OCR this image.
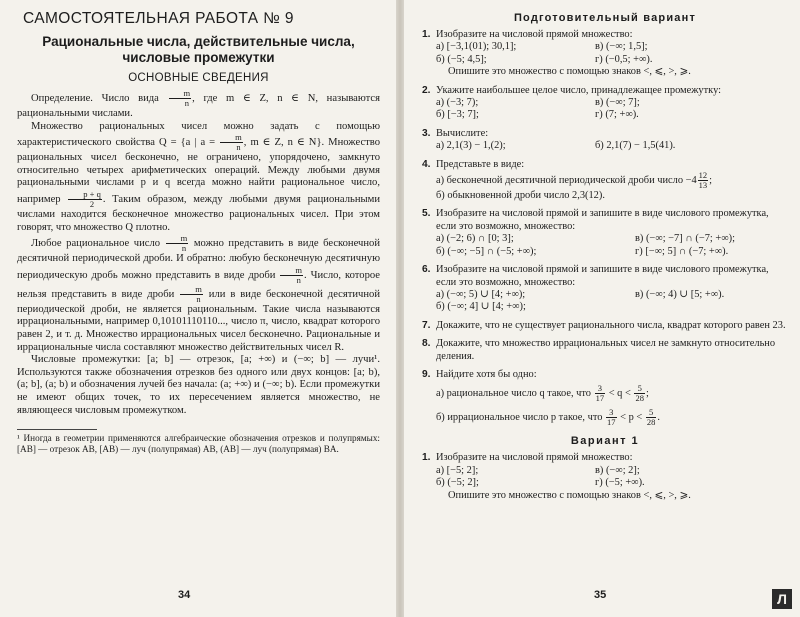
САМОСТОЯТЕЛЬНАЯ РАБОТА № 9
Рациональные числа, действительные числа, числовые промежутки
ОСНОВНЫЕ СВЕДЕНИЯ

Определение. Число вида $\frac{m}{n}$ , где m ∈ Z, n ∈ N, называются рациональными числами.

Множество рациональных чисел можно задать с помощью характеристического свойства Q = {a | $a = \frac{m}{n}$ , m ∈ Z, n ∈ N}. Множество рациональных чисел бесконечно, не ограничено, упорядочено, замкнуто относительно четырех арифметических операций. Между любыми двумя рациональными числами p и q всегда можно найти рациональное число, например $\frac{p + q}{2}$ . Таким образом, между любыми двумя рациональными числами находится бесконечное множество рациональных чисел. При этом говорят, что множество Q плотно.

Любое рациональное число $\frac{m}{n}$ можно представить в виде бесконечной десятичной периодической дроби. И обратно: любую бесконечную десятичную периодическую дробь можно представить в виде дроби $\frac{m}{n}$ . Число, которое нельзя представить в виде дроби $\frac{m}{n}$ или в виде бесконечной десятичной периодической дроби, не является рациональным. Такие числа называются иррациональными, например 0,10101110110..., число π, число, квадрат которого равен 2, и т. д. Множество иррациональных чисел бесконечно. Рациональные и иррациональные числа составляют множество действительных чисел R.

Числовые промежутки: [a; b] — отрезок, [a; +∞) и (−∞; b] — лучи¹. Используются также обозначения отрезков без одного или двух концов: [a; b), (a; b], (a; b) и обозначения лучей без начала: (a; +∞) и (−∞; b). Если промежутки не имеют общих точек, то их пересечением является множество, не являющееся числовым промежутком.

¹ Иногда в геометрии применяются алгебраические обозначения отрезков и полупрямых: [AB] — отрезок AB, [AB) — луч (полупрямая) AB, (AB] — луч (полупрямая) BA.
34
Подготовительный вариант
1. Изобразите на числовой прямой множество:
а) [−3,1(01); 30,1];	в) (−∞; 1,5];
б) (−5; 4,5];	г) (−0,5; +∞).
Опишите это множество с помощью знаков <, ⩽, >, ⩾.
2. Укажите наибольшее целое число, принадлежащее промежутку:
а) (−3; 7);	в) (−∞; 7];
б) [−3; 7];	г) (7; +∞).
3. Вычислите:
а) 2,1(3) − 1,(2);	б) 2,1(7) − 1,5(41).
4. Представьте в виде:
а) бесконечной десятичной периодической дроби число $-4 \frac{12}{13}$ ;
б) обыкновенной дроби число 2,3(12).
5. Изобразите на числовой прямой и запишите в виде числового промежутка, если это возможно, множество:
а) (−2; 6) ∩ [0; 3];	в) (−∞; −7] ∩ (−7; +∞);
б) (−∞; −5] ∩ (−5; +∞);	г) [−∞; 5] ∩ (−7; +∞).
6. Изобразите на числовой прямой и запишите в виде числового промежутка, если это возможно, множество:
а) (−∞; 5) ∪ [4; +∞);	в) (−∞; 4) ∪ [5; +∞).
б) (−∞; 4] ∪ [4; +∞);
7. Докажите, что не существует рационального числа, квадрат которого равен 23.
8. Докажите, что множество иррациональных чисел не замкнуто относительно деления.
9. Найдите хотя бы одно:
а) рациональное число q такое, что $\frac{3}{17} < q < \frac{5}{28}$ ;
б) иррациональное число p такое, что $\frac{3}{17} < p < \frac{5}{28}$ .
Вариант 1
1. Изобразите на числовой прямой множество:
а) [−5; 2];	в) (−∞; 2];
б) (−5; 2];	г) (−5; +∞).
Опишите это множество с помощью знаков <, ⩽, >, ⩾.
35	Л
